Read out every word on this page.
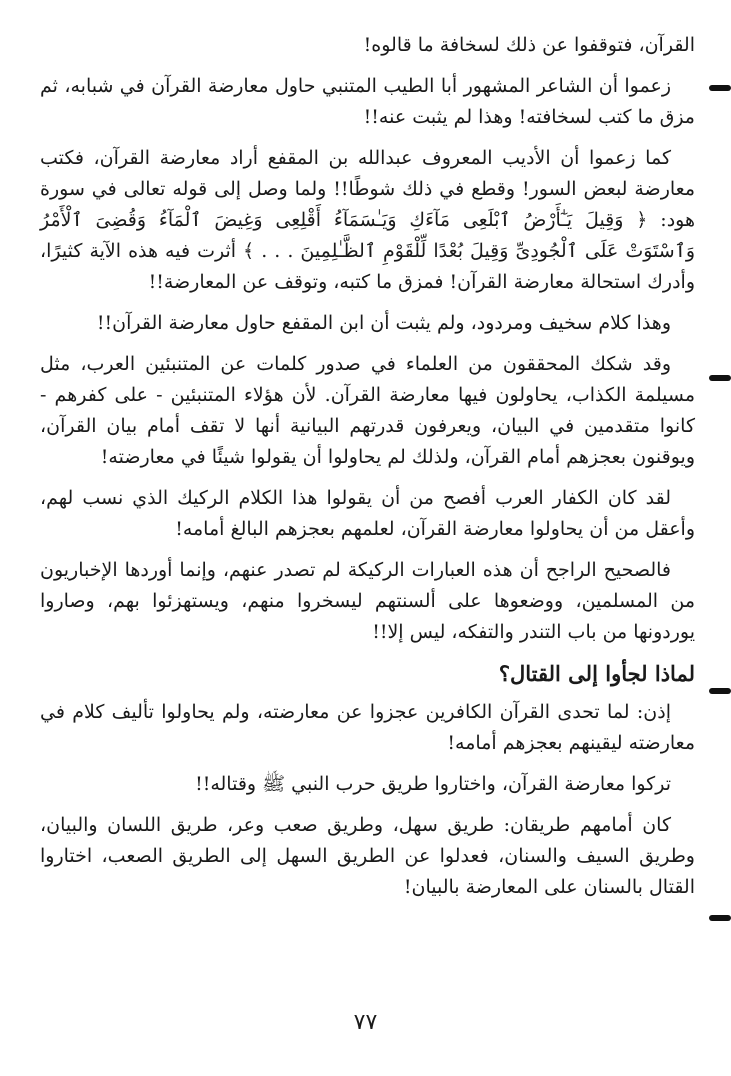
القرآن، فتوقفوا عن ذلك لسخافة ما قالوه!

زعموا أن الشاعر المشهور أبا الطيب المتنبي حاول معارضة القرآن في شبابه، ثم مزق ما كتب لسخافته! وهذا لم يثبت عنه!!

كما زعموا أن الأديب المعروف عبدالله بن المقفع أراد معارضة القرآن، فكتب معارضة لبعض السور! وقطع في ذلك شوطًا!! ولما وصل إلى قوله تعالى في سورة هود: ﴿ وَقِيلَ يَـٰٓأَرْضُ ٱبْلَعِى مَآءَكِ وَيَـٰسَمَآءُ أَقْلِعِى وَغِيضَ ٱلْمَآءُ وَقُضِىَ ٱلْأَمْرُ وَٱسْتَوَتْ عَلَى ٱلْجُودِىِّ وَقِيلَ بُعْدًا لِّلْقَوْمِ ٱلظَّـٰلِمِينَ . . . ﴾ أثرت فيه هذه الآية كثيرًا، وأدرك استحالة معارضة القرآن! فمزق ما كتبه، وتوقف عن المعارضة!!

وهذا كلام سخيف ومردود، ولم يثبت أن ابن المقفع حاول معارضة القرآن!!

وقد شكك المحققون من العلماء في صدور كلمات عن المتنبئين العرب، مثل مسيلمة الكذاب، يحاولون فيها معارضة القرآن. لأن هؤلاء المتنبئين - على كفرهم - كانوا متقدمين في البيان، ويعرفون قدرتهم البيانية أنها لا تقف أمام بيان القرآن، ويوقنون بعجزهم أمام القرآن، ولذلك لم يحاولوا أن يقولوا شيئًا في معارضته!

لقد كان الكفار العرب أفصح من أن يقولوا هذا الكلام الركيك الذي نسب لهم، وأعقل من أن يحاولوا معارضة القرآن، لعلمهم بعجزهم البالغ أمامه!

فالصحيح الراجح أن هذه العبارات الركيكة لم تصدر عنهم، وإنما أوردها الإخباريون من المسلمين، ووضعوها على ألسنتهم ليسخروا منهم، ويستهزئوا بهم، وصاروا يوردونها من باب التندر والتفكه، ليس إلا!!

لماذا لجأوا إلى القتال؟

إذن: لما تحدى القرآن الكافرين عجزوا عن معارضته، ولم يحاولوا تأليف كلام في معارضته ليقينهم بعجزهم أمامه!

تركوا معارضة القرآن، واختاروا طريق حرب النبي ﷺ وقتاله!!

كان أمامهم طريقان: طريق سهل، وطريق صعب وعر، طريق اللسان والبيان، وطريق السيف والسنان، فعدلوا عن الطريق السهل إلى الطريق الصعب، اختاروا القتال بالسنان على المعارضة بالبيان!

٧٧
